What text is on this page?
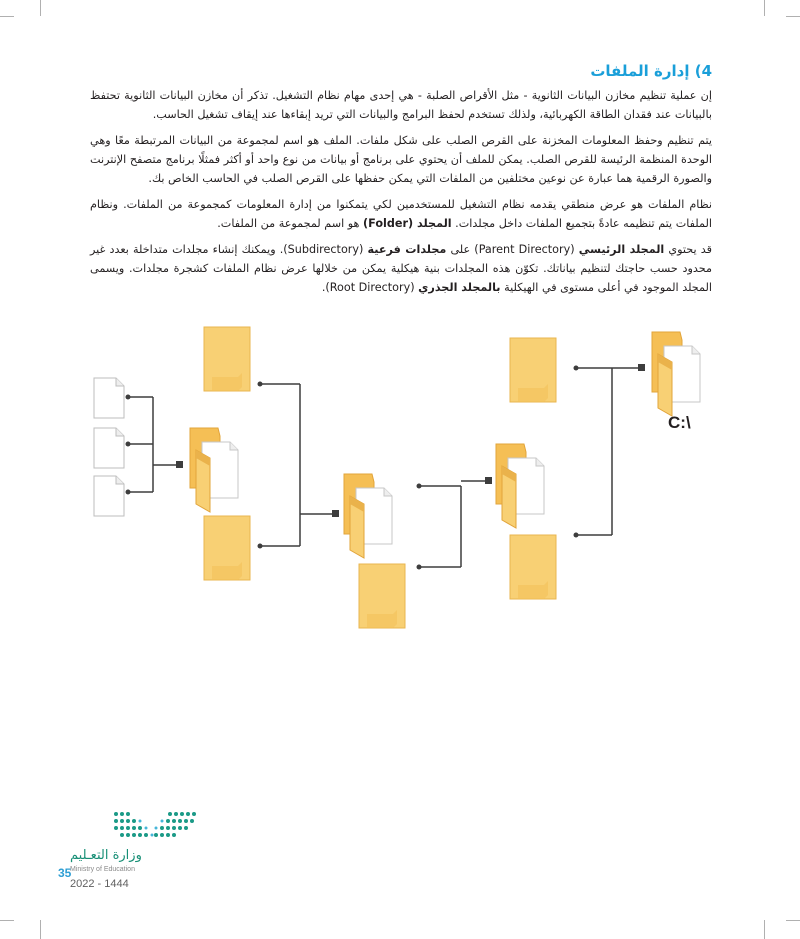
4) إدارة الملفات

إن عملية تنظيم مخازن البيانات الثانوية - مثل الأقراص الصلبة - هي إحدى مهام نظام التشغيل. تذكر أن مخازن البيانات الثانوية تحتفظ بالبيانات عند فقدان الطاقة الكهربائية، ولذلك تستخدم لحفظ البرامج والبيانات التي تريد إبقاءها عند إيقاف تشغيل الحاسب.

يتم تنظيم وحفظ المعلومات المخزنة على القرص الصلب على شكل ملفات. الملف هو اسم لمجموعة من البيانات المرتبطة معًا وهي الوحدة المنظمة الرئيسة للقرص الصلب. يمكن للملف أن يحتوي على برنامج أو بيانات من نوع واحد أو أكثر فمثلًا برنامج متصفح الإنترنت والصورة الرقمية هما عبارة عن نوعين مختلفين من الملفات التي يمكن حفظها على القرص الصلب في الحاسب الخاص بك.

نظام الملفات هو عرض منطقي يقدمه نظام التشغيل للمستخدمين لكي يتمكنوا من إدارة المعلومات كمجموعة من الملفات. ونظام الملفات يتم تنظيمه عادةً بتجميع الملفات داخل مجلدات. المجلد (Folder) هو اسم لمجموعة من الملفات.

قد يحتوي المجلد الرئيسي (Parent Directory) على مجلدات فرعية (Subdirectory). ويمكنك إنشاء مجلدات متداخلة بعدد غير محدود حسب حاجتك لتنظيم بياناتك. تكوّن هذه المجلدات بنية هيكلية يمكن من خلالها عرض نظام الملفات كشجرة مجلدات. ويسمى المجلد الموجود في أعلى مستوى في الهيكلية بالمجلد الجذري (Root Directory).

C:\
وزارة التعـليم
Ministry of Education
35
2022 - 1444
